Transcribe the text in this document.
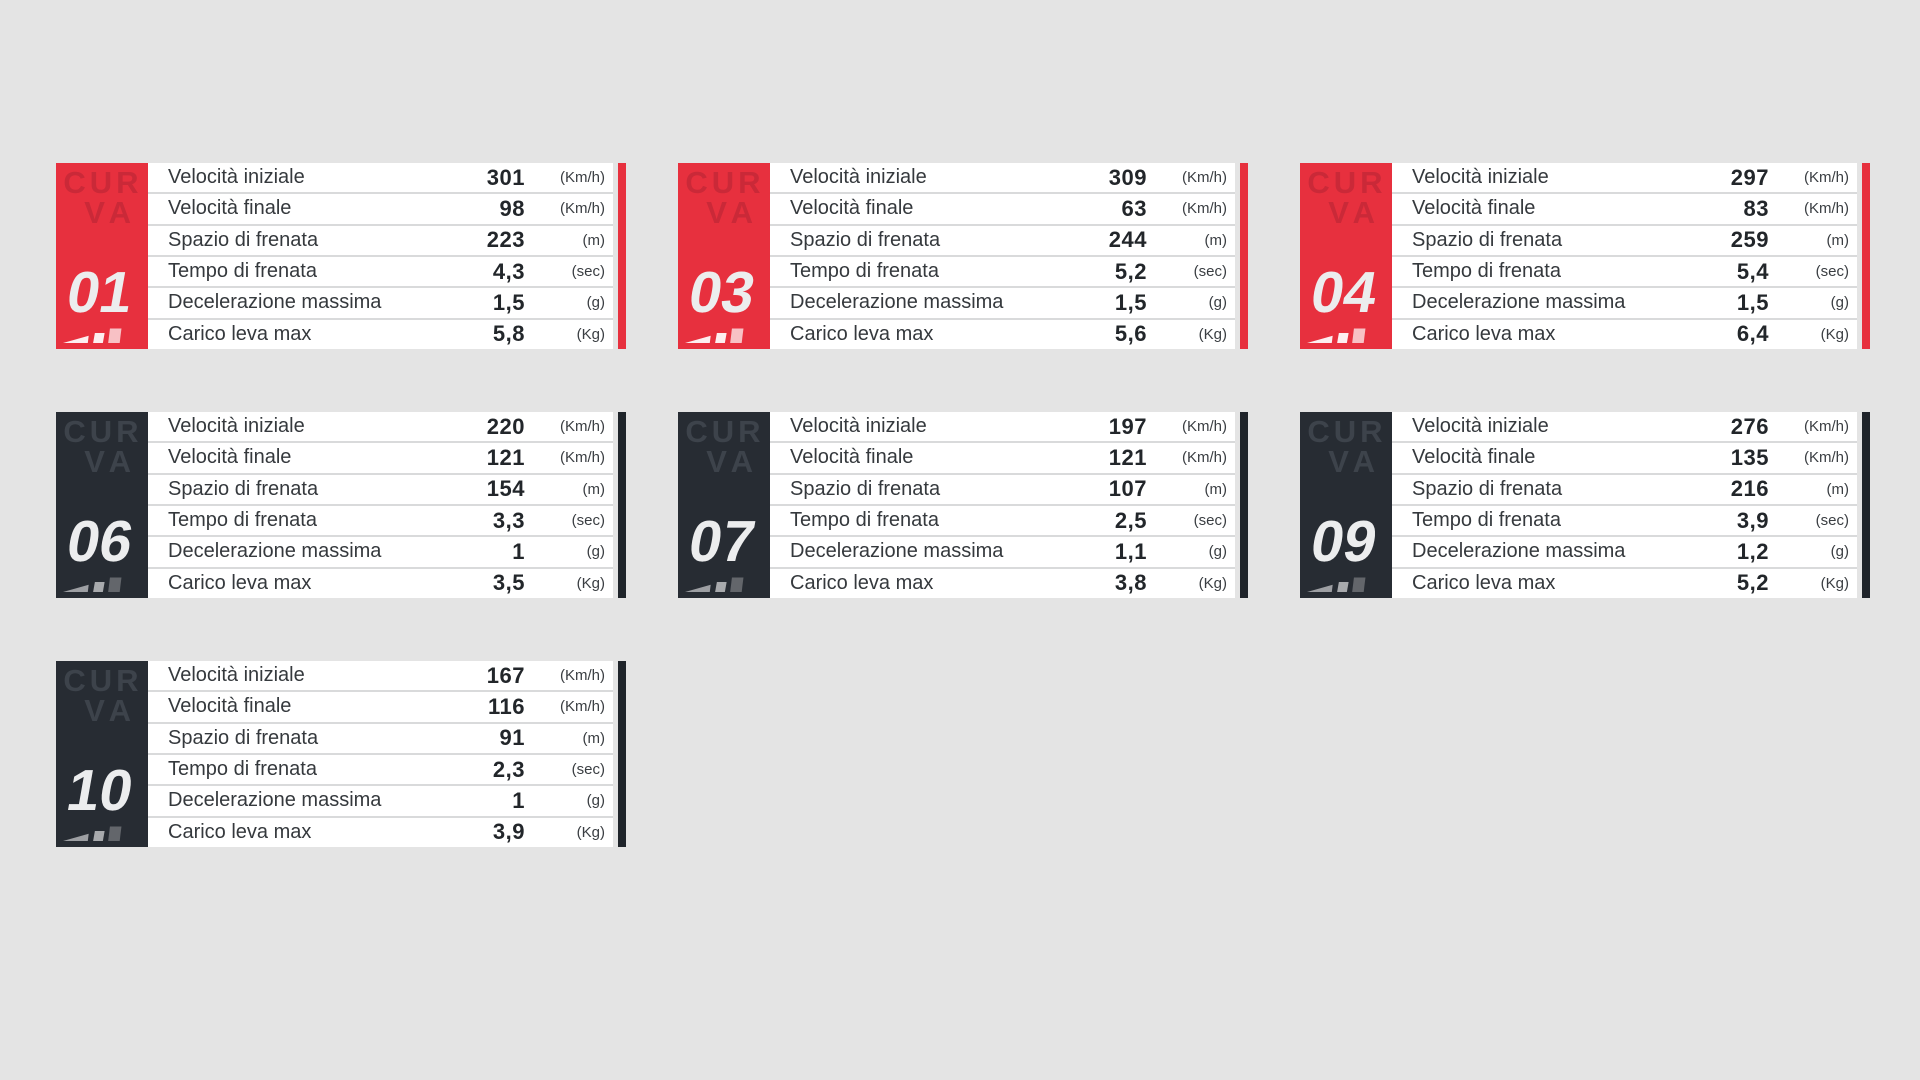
CUR
VA
01
Velocità iniziale	301	(Km/h)
Velocità finale	98	(Km/h)
Spazio di frenata	223	(m)
Tempo di frenata	4,3	(sec)
Decelerazione massima	1,5	(g)
Carico leva max	5,8	(Kg)
CUR
VA
03
Velocità iniziale	309	(Km/h)
Velocità finale	63	(Km/h)
Spazio di frenata	244	(m)
Tempo di frenata	5,2	(sec)
Decelerazione massima	1,5	(g)
Carico leva max	5,6	(Kg)
CUR
VA
04
Velocità iniziale	297	(Km/h)
Velocità finale	83	(Km/h)
Spazio di frenata	259	(m)
Tempo di frenata	5,4	(sec)
Decelerazione massima	1,5	(g)
Carico leva max	6,4	(Kg)
CUR
VA
06
Velocità iniziale	220	(Km/h)
Velocità finale	121	(Km/h)
Spazio di frenata	154	(m)
Tempo di frenata	3,3	(sec)
Decelerazione massima	1	(g)
Carico leva max	3,5	(Kg)
CUR
VA
07
Velocità iniziale	197	(Km/h)
Velocità finale	121	(Km/h)
Spazio di frenata	107	(m)
Tempo di frenata	2,5	(sec)
Decelerazione massima	1,1	(g)
Carico leva max	3,8	(Kg)
CUR
VA
09
Velocità iniziale	276	(Km/h)
Velocità finale	135	(Km/h)
Spazio di frenata	216	(m)
Tempo di frenata	3,9	(sec)
Decelerazione massima	1,2	(g)
Carico leva max	5,2	(Kg)
CUR
VA
10
Velocità iniziale	167	(Km/h)
Velocità finale	116	(Km/h)
Spazio di frenata	91	(m)
Tempo di frenata	2,3	(sec)
Decelerazione massima	1	(g)
Carico leva max	3,9	(Kg)
